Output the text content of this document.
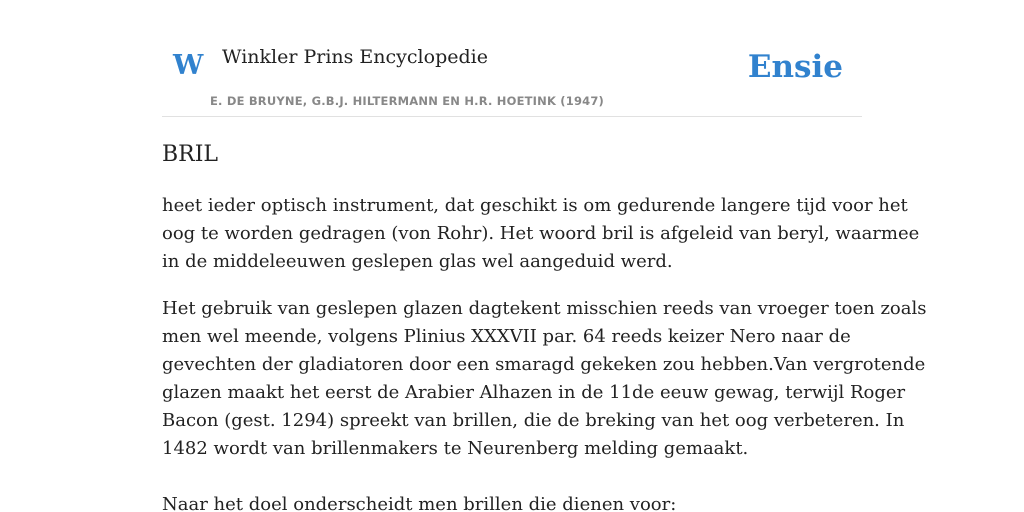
W Winkler Prins Encyclopedie
E. DE BRUYNE, G.B.J. HILTERMANN EN H.R. HOETINK (1947)
Ensie
BRIL

heet ieder optisch instrument, dat geschikt is om gedurende langere tijd voor het
oog te worden gedragen (von Rohr). Het woord bril is afgeleid van beryl, waarmee
in de middeleeuwen geslepen glas wel aangeduid werd.

Het gebruik van geslepen glazen dagtekent misschien reeds van vroeger toen zoals
men wel meende, volgens Plinius XXXVII par. 64 reeds keizer Nero naar de
gevechten der gladiatoren door een smaragd gekeken zou hebben.Van vergrotende
glazen maakt het eerst de Arabier Alhazen in de 11de eeuw gewag, terwijl Roger
Bacon (gest. 1294) spreekt van brillen, die de breking van het oog verbeteren. In
1482 wordt van brillenmakers te Neurenberg melding gemaakt.

Naar het doel onderscheidt men brillen die dienen voor:
